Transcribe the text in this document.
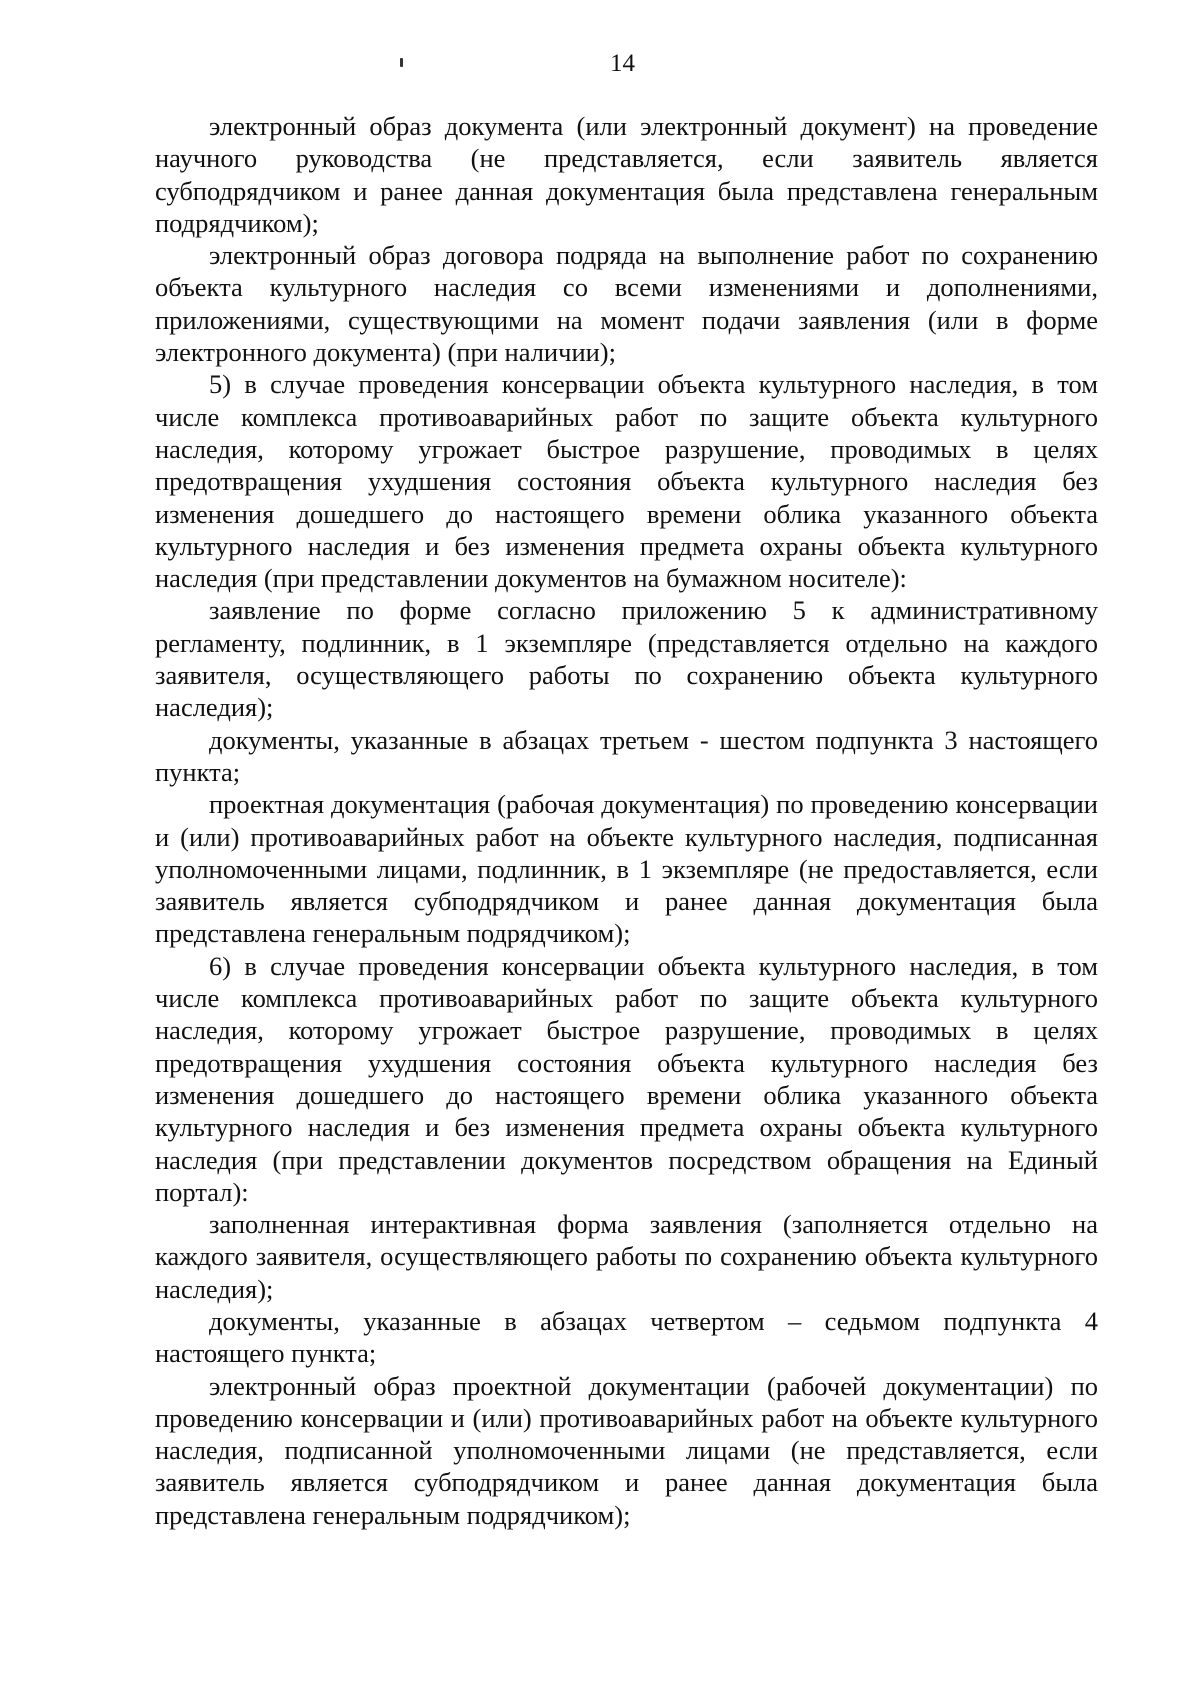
14

электронный образ документа (или электронный документ) на проведение научного руководства (не представляется, если заявитель является субподрядчиком и ранее данная документация была представлена генеральным подрядчиком);

электронный образ договора подряда на выполнение работ по сохранению объекта культурного наследия со всеми изменениями и дополнениями, приложениями, существующими на момент подачи заявления (или в форме электронного документа) (при наличии);

5) в случае проведения консервации объекта культурного наследия, в том числе комплекса противоаварийных работ по защите объекта культурного наследия, которому угрожает быстрое разрушение, проводимых в целях предотвращения ухудшения состояния объекта культурного наследия без изменения дошедшего до настоящего времени облика указанного объекта культурного наследия и без изменения предмета охраны объекта культурного наследия (при представлении документов на бумажном носителе):

заявление по форме согласно приложению 5 к административному регламенту, подлинник, в 1 экземпляре (представляется отдельно на каждого заявителя, осуществляющего работы по сохранению объекта культурного наследия);

документы, указанные в абзацах третьем - шестом подпункта 3 настоящего пункта;

проектная документация (рабочая документация) по проведению консервации и (или) противоаварийных работ на объекте культурного наследия, подписанная уполномоченными лицами, подлинник, в 1 экземпляре (не предоставляется, если заявитель является субподрядчиком и ранее данная документация была представлена генеральным подрядчиком);

6) в случае проведения консервации объекта культурного наследия, в том числе комплекса противоаварийных работ по защите объекта культурного наследия, которому угрожает быстрое разрушение, проводимых в целях предотвращения ухудшения состояния объекта культурного наследия без изменения дошедшего до настоящего времени облика указанного объекта культурного наследия и без изменения предмета охраны объекта культурного наследия (при представлении документов посредством обращения на Единый портал):

заполненная интерактивная форма заявления (заполняется отдельно на каждого заявителя, осуществляющего работы по сохранению объекта культурного наследия);

документы, указанные в абзацах четвертом – седьмом подпункта 4 настоящего пункта;

электронный образ проектной документации (рабочей документации) по проведению консервации и (или) противоаварийных работ на объекте культурного наследия, подписанной уполномоченными лицами (не представляется, если заявитель является субподрядчиком и ранее данная документация была представлена генеральным подрядчиком);
